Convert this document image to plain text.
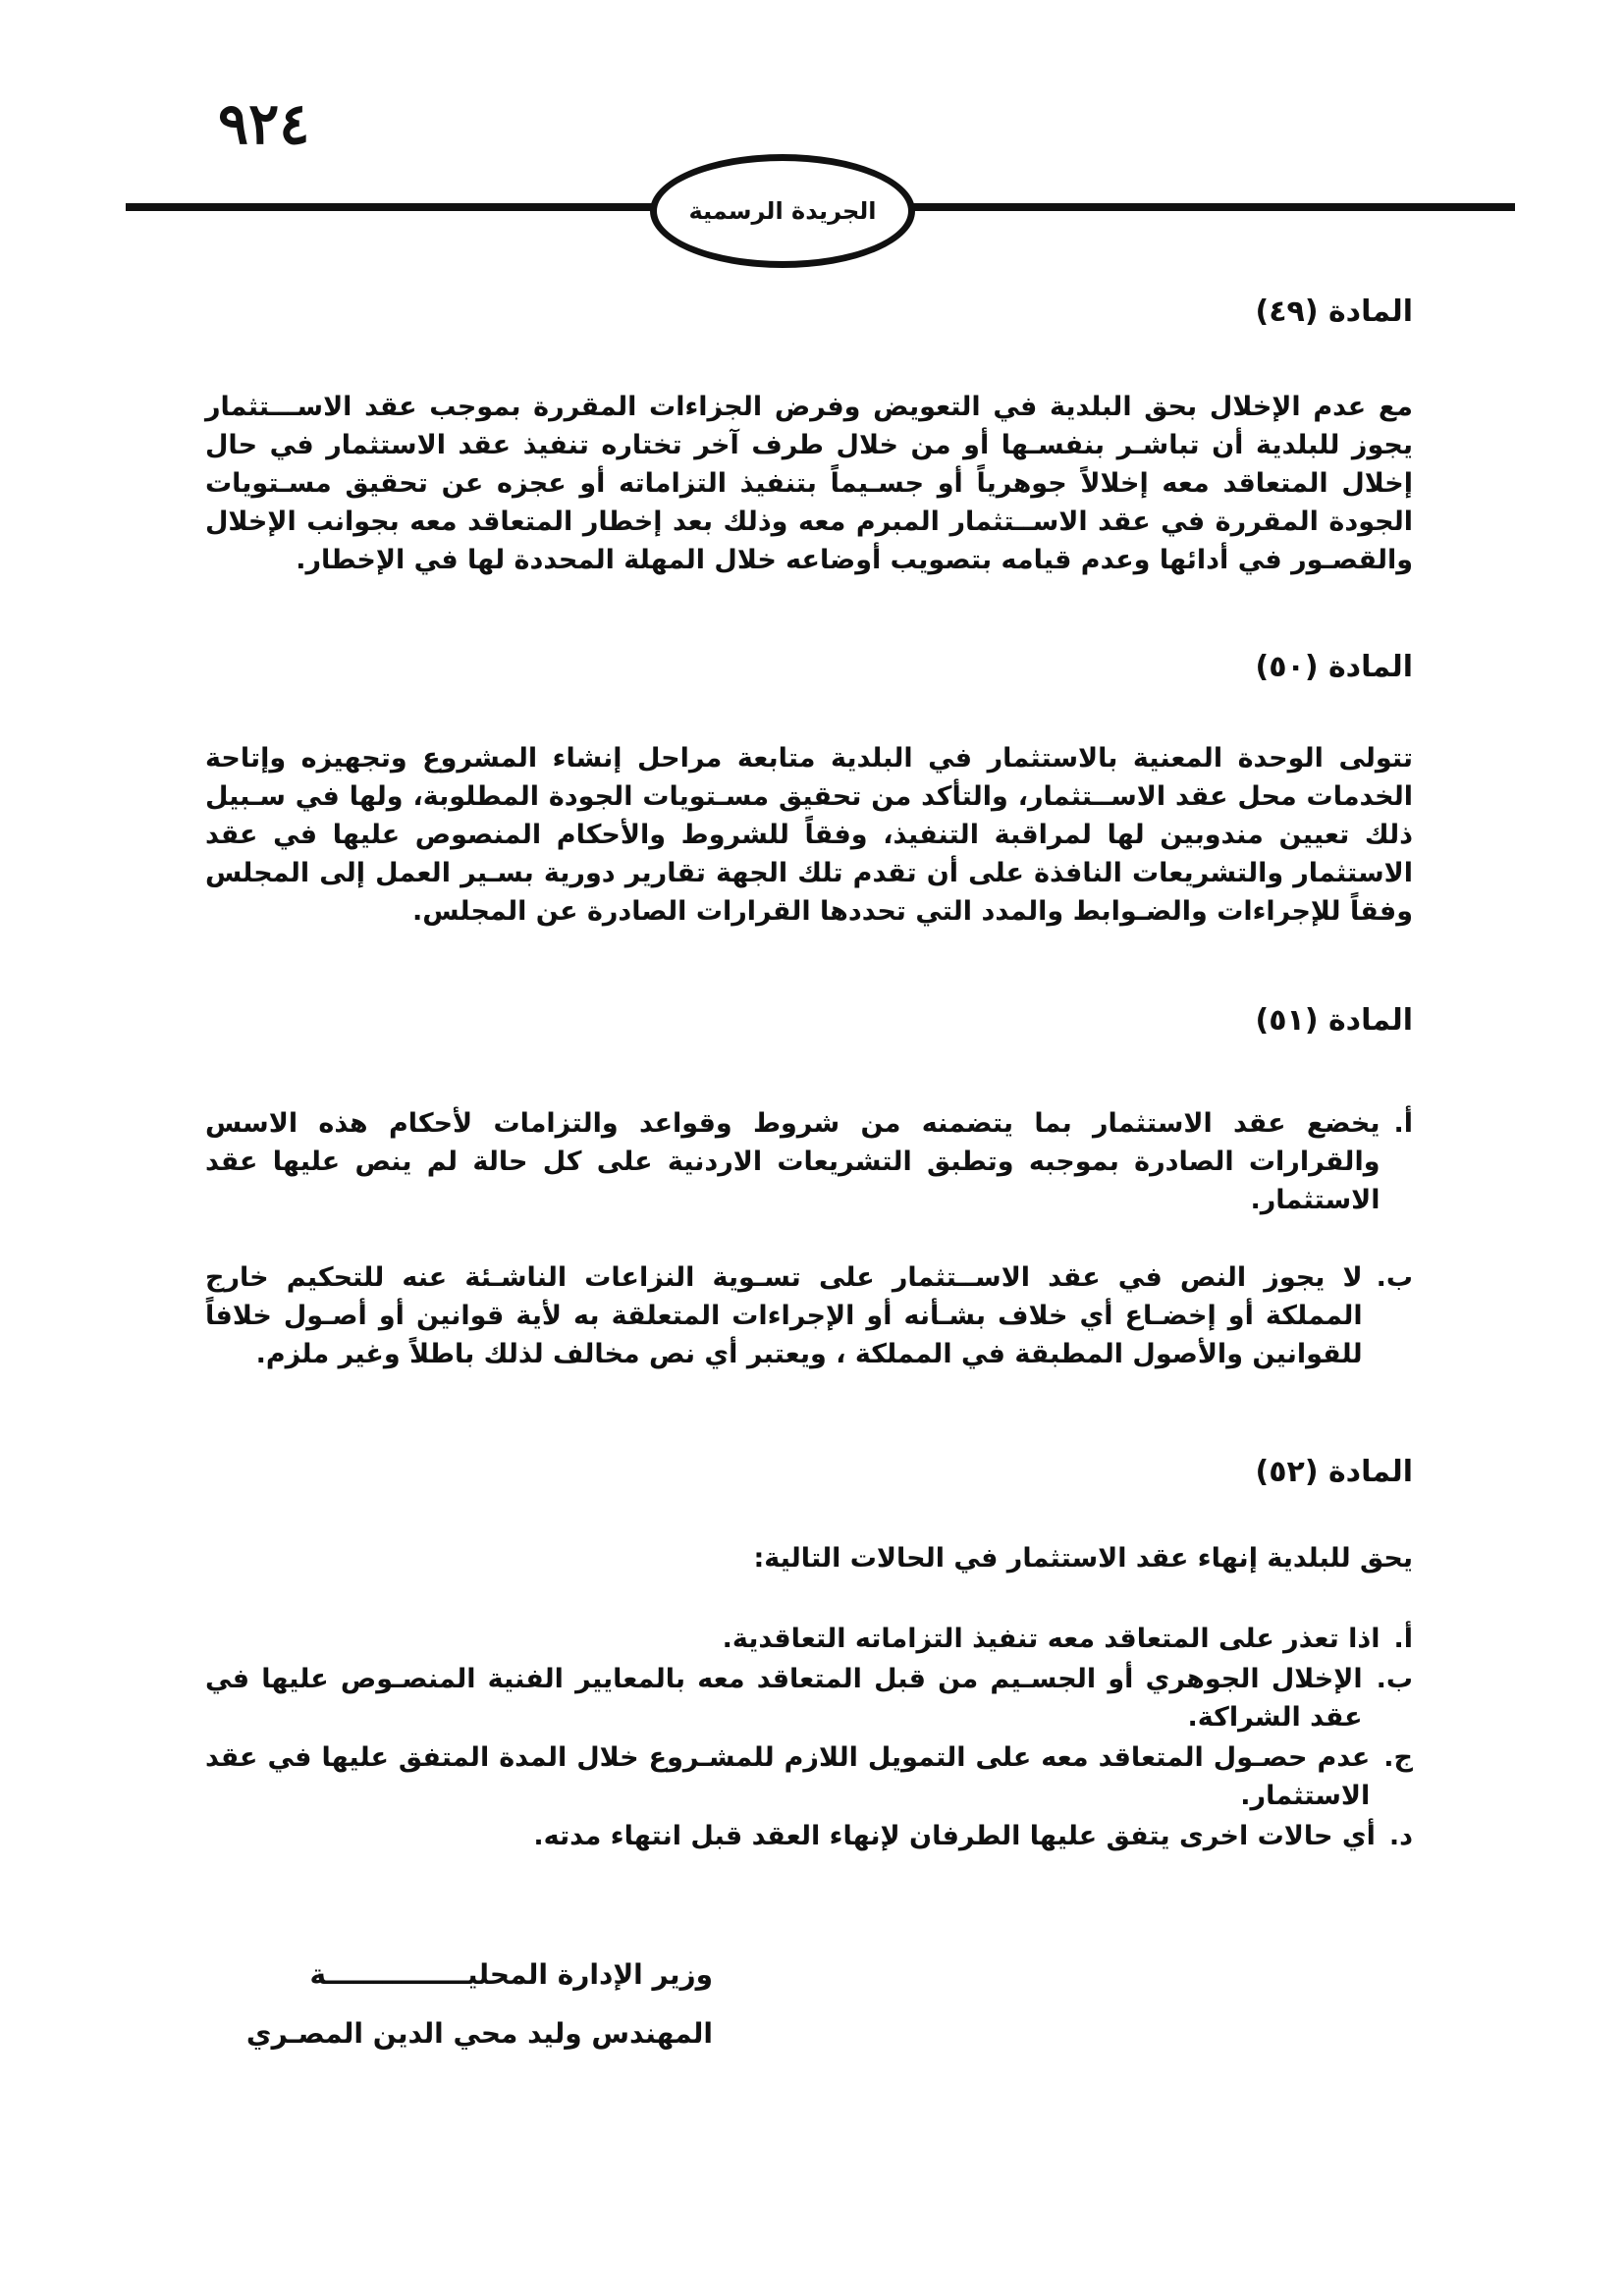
٩٢٤
الجريدة الرسمية
المادة (٤٩)
مع عدم الإخلال بحق البلدية في التعويض وفرض الجزاءات المقررة بموجب عقد الاســـتثمار يجوز للبلدية أن تباشـر بنفسـها أو من خلال طرف آخر تختاره تنفيذ عقد الاستثمار في حال إخلال المتعاقد معه إخلالاً جوهرياً أو جسـيماً بتنفيذ التزاماته أو عجزه عن تحقيق مسـتويات الجودة المقررة في عقد الاســتثمار المبرم معه وذلك بعد إخطار المتعاقد معه بجوانب الإخلال والقصـور في أدائها وعدم قيامه بتصويب أوضاعه خلال المهلة المحددة لها في الإخطار.
المادة (٥٠)
تتولى الوحدة المعنية بالاستثمار في البلدية متابعة مراحل إنشاء المشروع وتجهيزه وإتاحة الخدمات محل عقد الاســتثمار، والتأكد من تحقيق مسـتويات الجودة المطلوبة، ولها في سـبيل ذلك تعيين مندوبين لها لمراقبة التنفيذ، وفقاً للشروط والأحكام المنصوص عليها في عقد الاستثمار والتشريعات النافذة على أن تقدم تلك الجهة تقارير دورية بسـير العمل إلى المجلس وفقاً للإجراءات والضـوابط والمدد التي تحددها القرارات الصادرة عن المجلس.
المادة (٥١)
أ.
يخضع عقد الاستثمار بما يتضمنه من شروط وقواعد والتزامات لأحكام هذه الاسس والقرارات الصادرة بموجبه وتطبق التشريعات الاردنية على كل حالة لم ينص عليها عقد الاستثمار.
ب.
لا يجوز النص في عقد الاســتثمار على تسـوية النزاعات الناشـئة عنه للتحكيم خارج المملكة أو إخضـاع أي خلاف بشـأنه أو الإجراءات المتعلقة به لأية قوانين أو أصـول خلافاً للقوانين والأصول المطبقة في المملكة ، ويعتبر أي نص مخالف لذلك باطلاً وغير ملزم.
المادة (٥٢)
يحق للبلدية إنهاء عقد الاستثمار في الحالات التالية:
أ.
اذا تعذر على المتعاقد معه تنفيذ التزاماته التعاقدية.
ب.
الإخلال الجوهري أو الجسـيم من قبل المتعاقد معه بالمعايير الفنية المنصـوص عليها في عقد الشراكة.
ج.
عدم حصـول المتعاقد معه على التمويل اللازم للمشـروع خلال المدة المتفق عليها في عقد الاستثمار.
د.
أي حالات اخرى يتفق عليها الطرفان لإنهاء العقد قبل انتهاء مدته.
وزير الإدارة المحليـــــــــــــــة
المهندس وليد محي الدين المصـري
